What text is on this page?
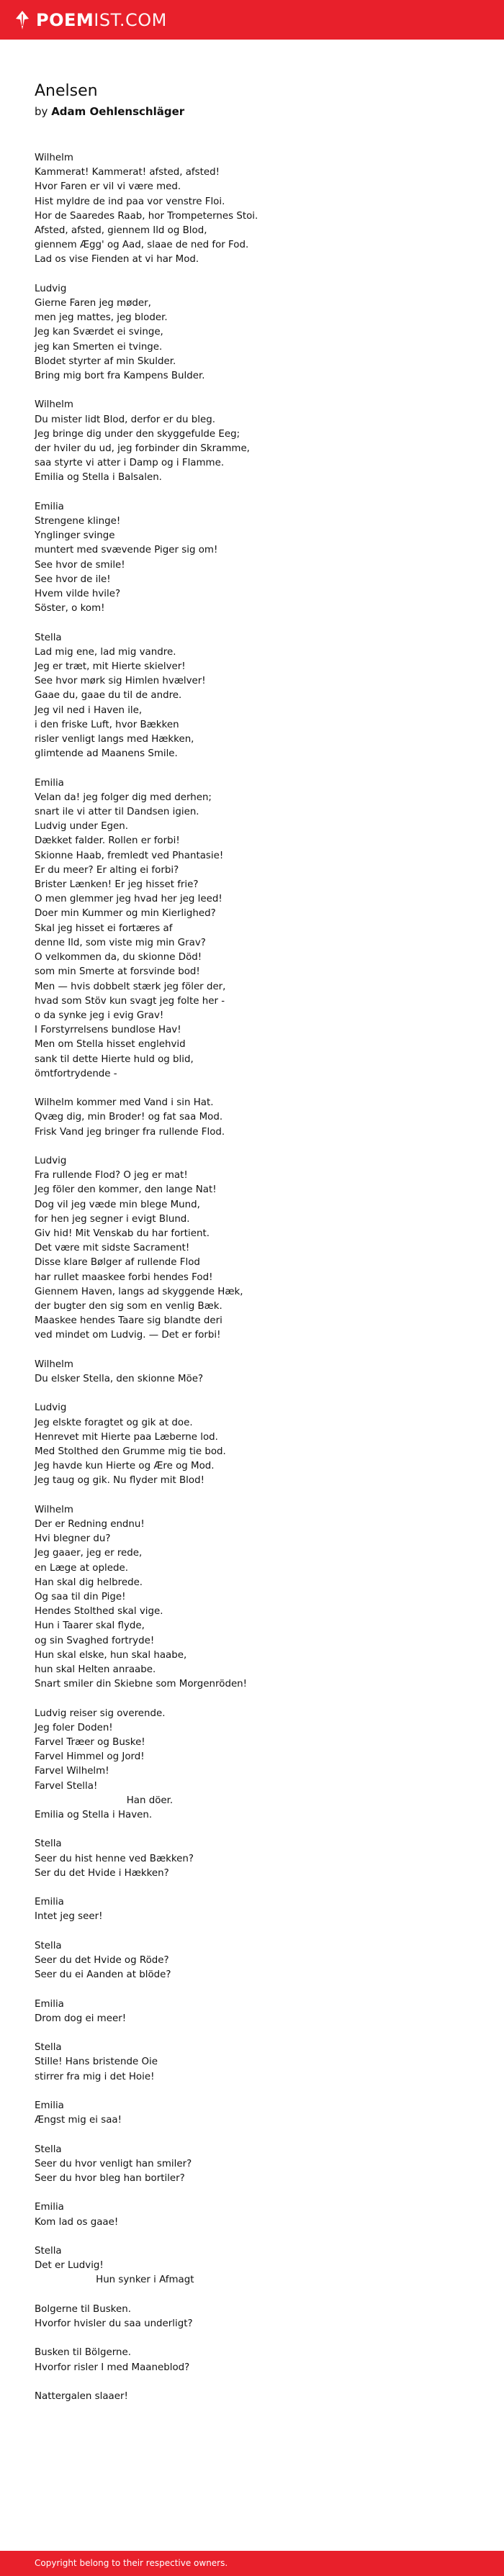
POEMIST.COM
Anelsen
by Adam Oehlenschläger
Wilhelm
Kammerat! Kammerat! afsted, afsted!
Hvor Faren er vil vi være med.
Hist myldre de ind paa vor venstre Floi.
Hor de Saaredes Raab, hor Trompeternes Stoi.
Afsted, afsted, giennem Ild og Blod,
giennem Ægg' og Aad, slaae de ned for Fod.
Lad os vise Fienden at vi har Mod.
Ludvig
Gierne Faren jeg møder,
men jeg mattes, jeg bloder.
Jeg kan Sværdet ei svinge,
jeg kan Smerten ei tvinge.
Blodet styrter af min Skulder.
Bring mig bort fra Kampens Bulder.
Wilhelm
Du mister lidt Blod, derfor er du bleg.
Jeg bringe dig under den skyggefulde Eeg;
der hviler du ud, jeg forbinder din Skramme,
saa styrte vi atter i Damp og i Flamme.
Emilia og Stella i Balsalen.
Emilia
Strengene klinge!
Ynglinger svinge
muntert med svævende Piger sig om!
See hvor de smile!
See hvor de ile!
Hvem vilde hvile?
Söster, o kom!
Stella
Lad mig ene, lad mig vandre.
Jeg er træt, mit Hierte skielver!
See hvor mørk sig Himlen hvælver!
Gaae du, gaae du til de andre.
Jeg vil ned i Haven ile,
i den friske Luft, hvor Bækken
risler venligt langs med Hækken,
glimtende ad Maanens Smile.
Emilia
Velan da! jeg folger dig med derhen;
snart ile vi atter til Dandsen igien.
Ludvig under Egen.
Dækket falder. Rollen er forbi!
Skionne Haab, fremledt ved Phantasie!
Er du meer? Er alting ei forbi?
Brister Lænken! Er jeg hisset frie?
O men glemmer jeg hvad her jeg leed!
Doer min Kummer og min Kierlighed?
Skal jeg hisset ei fortæres af
denne Ild, som viste mig min Grav?
O velkommen da, du skionne Död!
som min Smerte at forsvinde bod!
Men — hvis dobbelt stærk jeg föler der,
hvad som Stöv kun svagt jeg folte her -
o da synke jeg i evig Grav!
I Forstyrrelsens bundlose Hav!
Men om Stella hisset englehvid
sank til dette Hierte huld og blid,
ömtfortrydende -
Wilhelm kommer med Vand i sin Hat.
Qvæg dig, min Broder! og fat saa Mod.
Frisk Vand jeg bringer fra rullende Flod.
Ludvig
Fra rullende Flod? O jeg er mat!
Jeg föler den kommer, den lange Nat!
Dog vil jeg væde min blege Mund,
for hen jeg segner i evigt Blund.
Giv hid! Mit Venskab du har fortient.
Det være mit sidste Sacrament!
Disse klare Bølger af rullende Flod
har rullet maaskee forbi hendes Fod!
Giennem Haven, langs ad skyggende Hæk,
der bugter den sig som en venlig Bæk.
Maaskee hendes Taare sig blandte deri
ved mindet om Ludvig. — Det er forbi!
Wilhelm
Du elsker Stella, den skionne Möe?
Ludvig
Jeg elskte foragtet og gik at doe.
Henrevet mit Hierte paa Læberne lod.
Med Stolthed den Grumme mig tie bod.
Jeg havde kun Hierte og Ære og Mod.
Jeg taug og gik. Nu flyder mit Blod!
Wilhelm
Der er Redning endnu!
Hvi blegner du?
Jeg gaaer, jeg er rede,
en Læge at oplede.
Han skal dig helbrede.
Og saa til din Pige!
Hendes Stolthed skal vige.
Hun i Taarer skal flyde,
og sin Svaghed fortryde!
Hun skal elske, hun skal haabe,
hun skal Helten anraabe.
Snart smiler din Skiebne som Morgenröden!
Ludvig reiser sig overende.
Jeg foler Doden!
Farvel Træer og Buske!
Farvel Himmel og Jord!
Farvel Wilhelm!
Farvel Stella!
Han döer.
Emilia og Stella i Haven.
Stella
Seer du hist henne ved Bækken?
Ser du det Hvide i Hækken?
Emilia
Intet jeg seer!
Stella
Seer du det Hvide og Röde?
Seer du ei Aanden at blöde?
Emilia
Drom dog ei meer!
Stella
Stille! Hans bristende Oie
stirrer fra mig i det Hoie!
Emilia
Ængst mig ei saa!
Stella
Seer du hvor venligt han smiler?
Seer du hvor bleg han bortiler?
Emilia
Kom lad os gaae!
Stella
Det er Ludvig!
Hun synker i Afmagt
Bolgerne til Busken.
Hvorfor hvisler du saa underligt?
Busken til Bölgerne.
Hvorfor risler I med Maaneblod?
Nattergalen slaaer!
Copyright belong to their respective owners.
